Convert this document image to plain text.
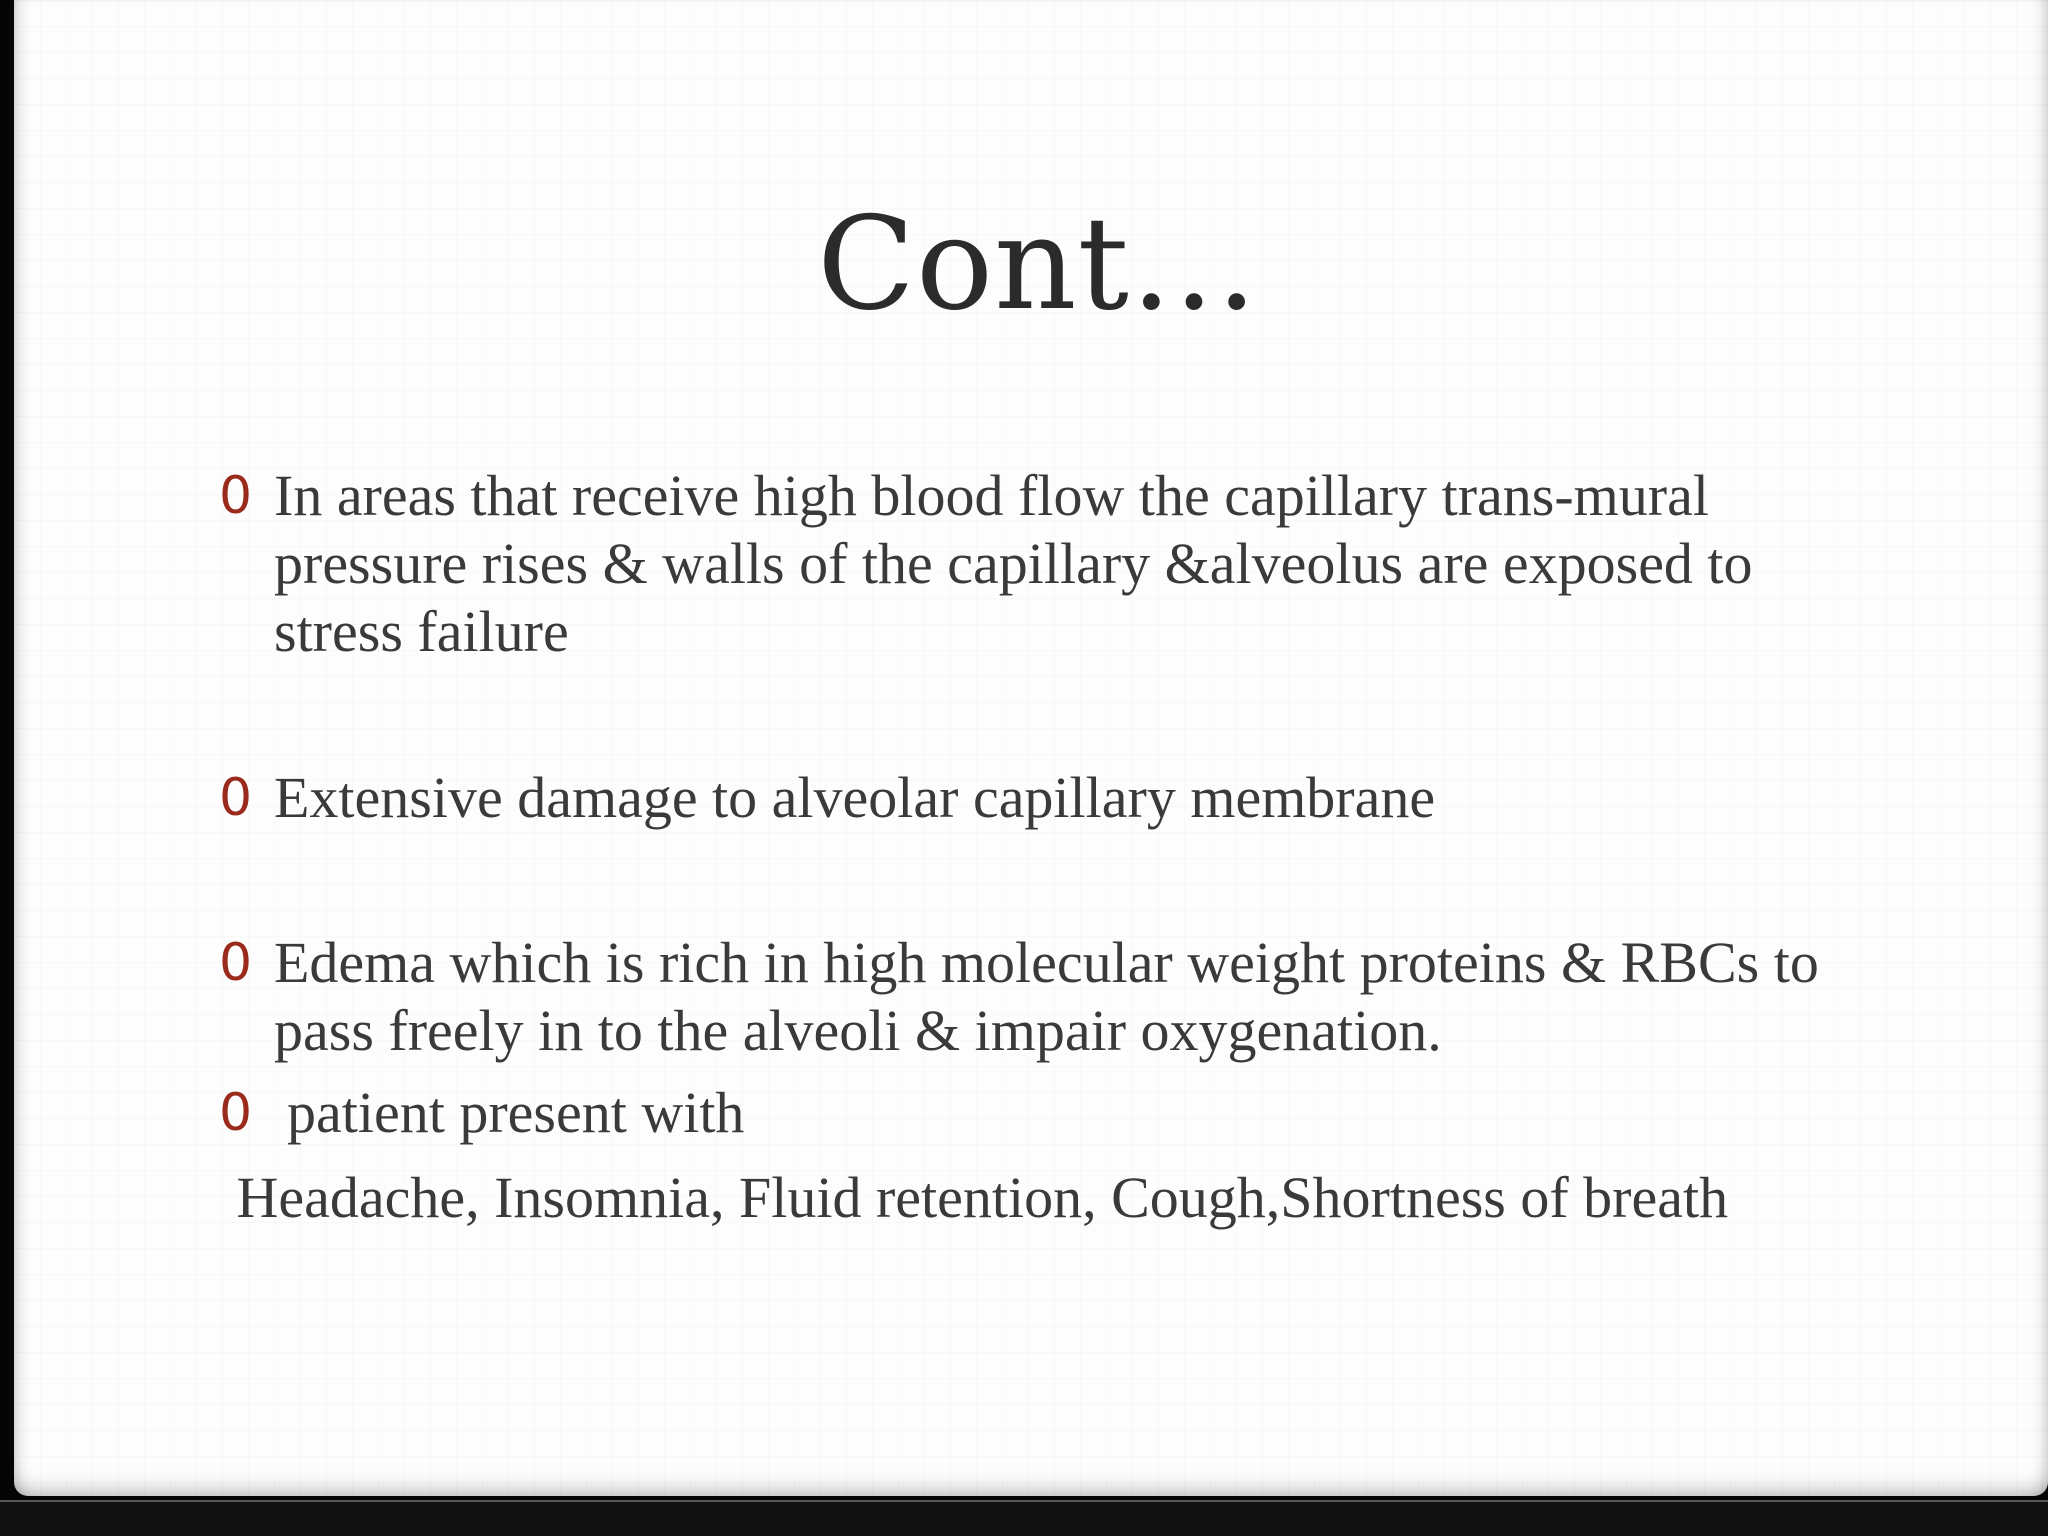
Cont…
0 In areas that receive high blood flow the capillary trans-mural pressure rises & walls of the capillary &alveolus are exposed to stress failure
0 Extensive damage to alveolar capillary membrane
0 Edema which is rich in high molecular weight proteins & RBCs to pass freely in to the alveoli & impair oxygenation.
0 patient present with

Headache, Insomnia, Fluid retention, Cough,Shortness of breath
